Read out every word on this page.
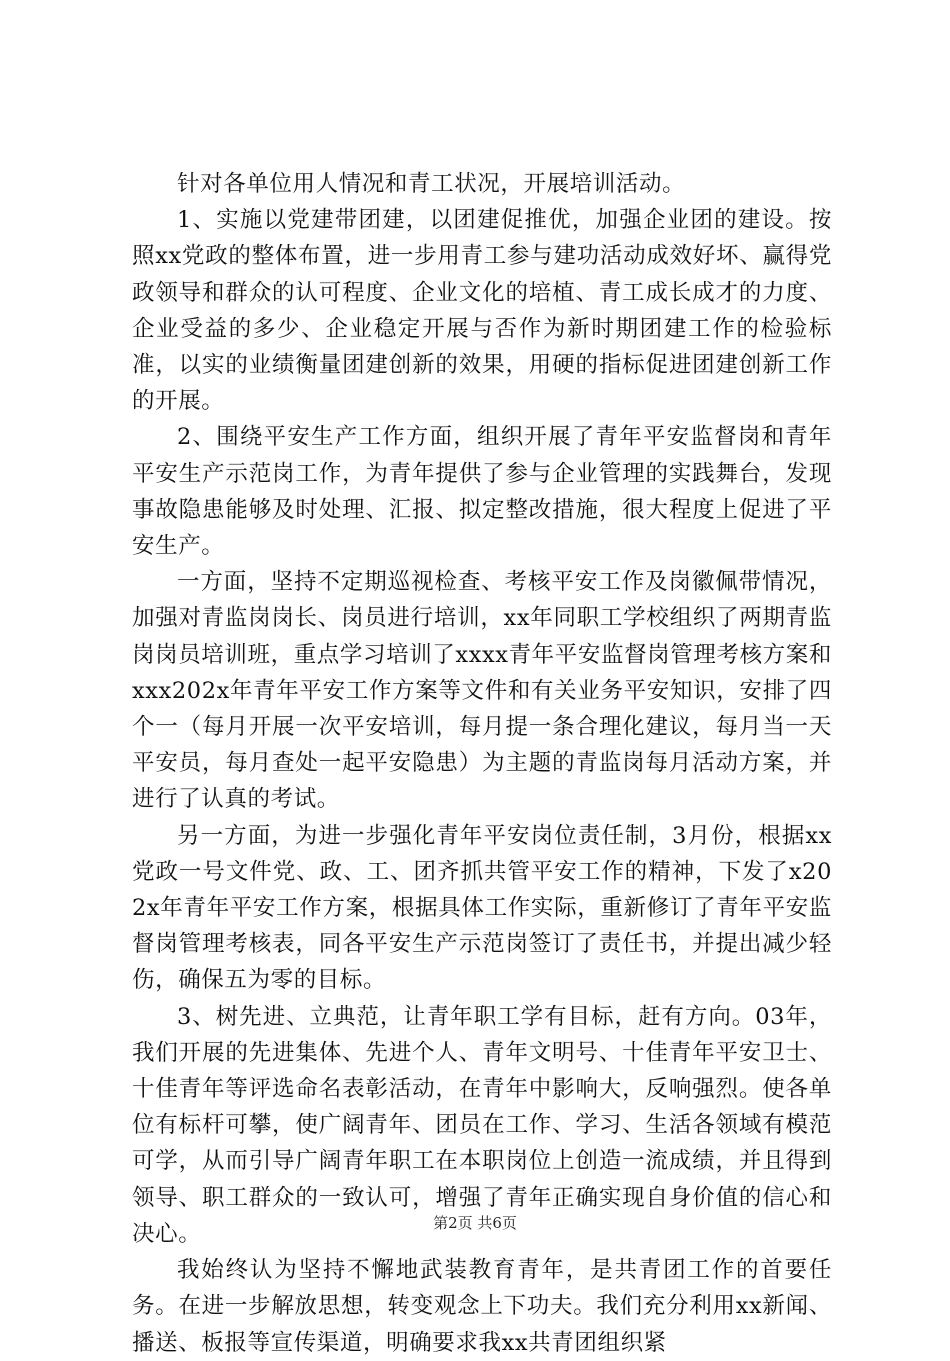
针对各单位用人情况和青工状况，开展培训活动。

1、实施以党建带团建，以团建促推优，加强企业团的建设。按照xx党政的整体布置，进一步用青工参与建功活动成效好坏、赢得党政领导和群众的认可程度、企业文化的培植、青工成长成才的力度、企业受益的多少、企业稳定开展与否作为新时期团建工作的检验标准，以实的业绩衡量团建创新的效果，用硬的指标促进团建创新工作的开展。

2、围绕平安生产工作方面，组织开展了青年平安监督岗和青年平安生产示范岗工作，为青年提供了参与企业管理的实践舞台，发现事故隐患能够及时处理、汇报、拟定整改措施，很大程度上促进了平安生产。

一方面，坚持不定期巡视检查、考核平安工作及岗徽佩带情况，加强对青监岗岗长、岗员进行培训，xx年同职工学校组织了两期青监岗岗员培训班，重点学习培训了xxxx青年平安监督岗管理考核方案和xxx202x年青年平安工作方案等文件和有关业务平安知识，安排了四个一（每月开展一次平安培训，每月提一条合理化建议，每月当一天平安员，每月查处一起平安隐患）为主题的青监岗每月活动方案，并进行了认真的考试。

另一方面，为进一步强化青年平安岗位责任制，3月份，根据xx党政一号文件党、政、工、团齐抓共管平安工作的精神，下发了x202x年青年平安工作方案，根据具体工作实际，重新修订了青年平安监督岗管理考核表，同各平安生产示范岗签订了责任书，并提出减少轻伤，确保五为零的目标。

3、树先进、立典范，让青年职工学有目标，赶有方向。03年，我们开展的先进集体、先进个人、青年文明号、十佳青年平安卫士、十佳青年等评选命名表彰活动，在青年中影响大，反响强烈。使各单位有标杆可攀，使广阔青年、团员在工作、学习、生活各领域有模范可学，从而引导广阔青年职工在本职岗位上创造一流成绩，并且得到领导、职工群众的一致认可，增强了青年正确实现自身价值的信心和决心。

我始终认为坚持不懈地武装教育青年，是共青团工作的首要任务。在进一步解放思想，转变观念上下功夫。我们充分利用xx新闻、播送、板报等宣传渠道，明确要求我xx共青团组织紧

第2页 共6页
